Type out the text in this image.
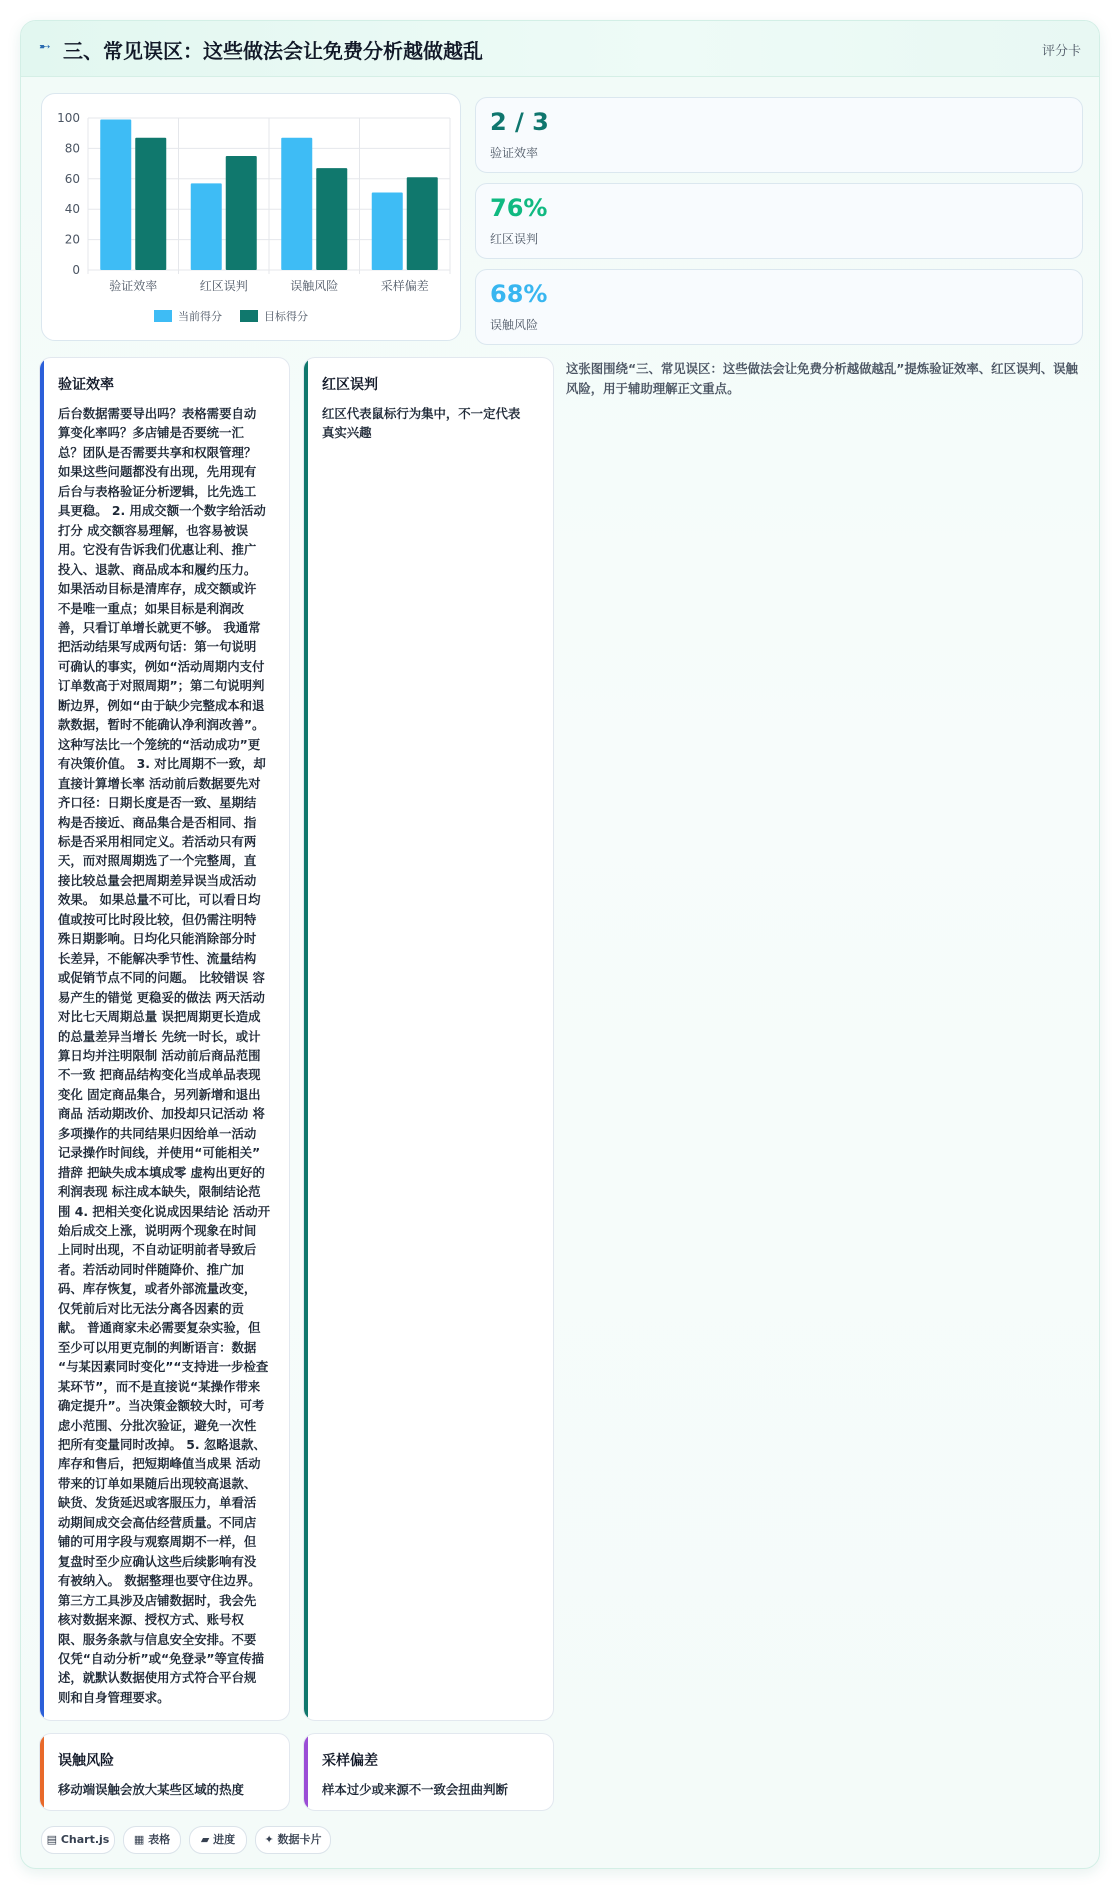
➸ 三、常见误区：这些做法会让免费分析越做越乱	评分卡
0
20
40
60
80
100
验证效率	红区误判	误触风险	采样偏差
当前得分	目标得分
2 / 3
验证效率
76%
红区误判
68%
误触风险
验证效率
后台数据需要导出吗？表格需要自动
算变化率吗？多店铺是否要统一汇
总？团队是否需要共享和权限管理？
如果这些问题都没有出现，先用现有
后台与表格验证分析逻辑，比先选工
具更稳。 2. 用成交额一个数字给活动
打分 成交额容易理解，也容易被误
用。它没有告诉我们优惠让利、推广
投入、退款、商品成本和履约压力。
如果活动目标是清库存，成交额或许
不是唯一重点；如果目标是利润改
善，只看订单增长就更不够。 我通常
把活动结果写成两句话：第一句说明
可确认的事实，例如“活动周期内支付
订单数高于对照周期”；第二句说明判
断边界，例如“由于缺少完整成本和退
款数据，暂时不能确认净利润改善”。
这种写法比一个笼统的“活动成功”更
有决策价值。 3. 对比周期不一致，却
直接计算增长率 活动前后数据要先对
齐口径：日期长度是否一致、星期结
构是否接近、商品集合是否相同、指
标是否采用相同定义。若活动只有两
天，而对照周期选了一个完整周，直
接比较总量会把周期差异误当成活动
效果。 如果总量不可比，可以看日均
值或按可比时段比较，但仍需注明特
殊日期影响。日均化只能消除部分时
长差异，不能解决季节性、流量结构
或促销节点不同的问题。 比较错误 容
易产生的错觉 更稳妥的做法 两天活动
对比七天周期总量 误把周期更长造成
的总量差异当增长 先统一时长，或计
算日均并注明限制 活动前后商品范围
不一致 把商品结构变化当成单品表现
变化 固定商品集合，另列新增和退出
商品 活动期改价、加投却只记活动 将
多项操作的共同结果归因给单一活动
记录操作时间线，并使用“可能相关”
措辞 把缺失成本填成零 虚构出更好的
利润表现 标注成本缺失，限制结论范
围 4. 把相关变化说成因果结论 活动开
始后成交上涨，说明两个现象在时间
上同时出现，不自动证明前者导致后
者。若活动同时伴随降价、推广加
码、库存恢复，或者外部流量改变，
仅凭前后对比无法分离各因素的贡
献。 普通商家未必需要复杂实验，但
至少可以用更克制的判断语言：数据
“与某因素同时变化”“支持进一步检查
某环节”，而不是直接说“某操作带来
确定提升”。当决策金额较大时，可考
虑小范围、分批次验证，避免一次性
把所有变量同时改掉。 5. 忽略退款、
库存和售后，把短期峰值当成果 活动
带来的订单如果随后出现较高退款、
缺货、发货延迟或客服压力，单看活
动期间成交会高估经营质量。不同店
铺的可用字段与观察周期不一样，但
复盘时至少应确认这些后续影响有没
有被纳入。 数据整理也要守住边界。
第三方工具涉及店铺数据时，我会先
核对数据来源、授权方式、账号权
限、服务条款与信息安全安排。不要
仅凭“自动分析”或“免登录”等宣传描
述，就默认数据使用方式符合平台规
则和自身管理要求。
红区误判
红区代表鼠标行为集中，不一定代表
真实兴趣
这张图围绕“三、常见误区：这些做法会让免费分析越做越乱”提炼验证效率、红区误判、误触风险，用于辅助理解正文重点。
误触风险
移动端误触会放大某些区域的热度
采样偏差
样本过少或来源不一致会扭曲判断
▤ Chart.js	▦ 表格	▰ 进度	✦ 数据卡片
